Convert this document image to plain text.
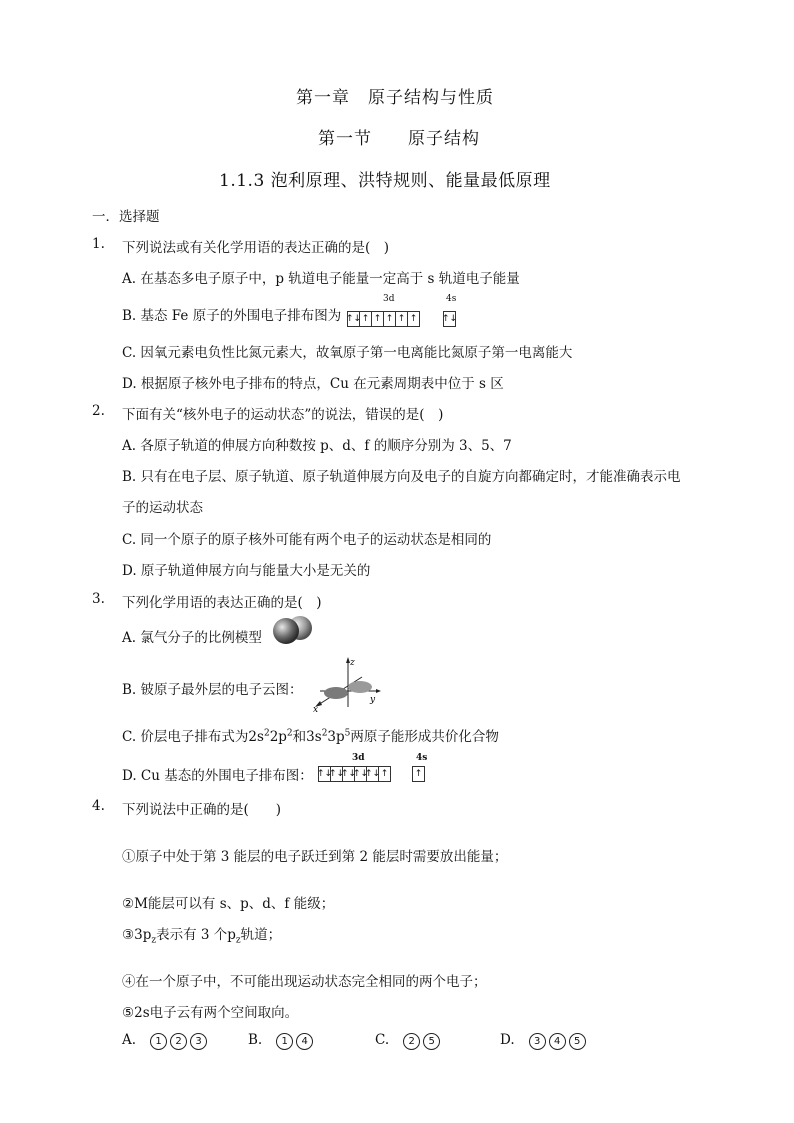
第一章　原子结构与性质
第一节　　原子结构
1.1.3 泡利原理、洪特规则、能量最低原理
一．选择题
1. 下列说法或有关化学用语的表达正确的是(　)
A. 在基态多电子原子中，p 轨道电子能量一定高于 s 轨道电子能量
B. 基态 Fe 原子的外围电子排布图为
3d
↑↓ ↑ ↑ ↑ ↑ ↑
4s
↑↓
C. 因氧元素电负性比氮元素大，故氧原子第一电离能比氮原子第一电离能大
D. 根据原子核外电子排布的特点，Cu 在元素周期表中位于 s 区
2. 下面有关“核外电子的运动状态”的说法，错误的是(　)
A. 各原子轨道的伸展方向种数按 p、d、f 的顺序分别为 3、5、7
B. 只有在电子层、原子轨道、原子轨道伸展方向及电子的自旋方向都确定时，才能准确表示电
子的运动状态
C. 同一个原子的原子核外可能有两个电子的运动状态是相同的
D. 原子轨道伸展方向与能量大小是无关的
3. 下列化学用语的表达正确的是(　)
A. 氯气分子的比例模型
B. 铍原子最外层的电子云图：
z
y
x
C. 价层电子排布式为$2s^22p^2$和$3s^23p^5$两原子能形成共价化合物
D. Cu 基态的外围电子排布图：
3d
↑↓
↑↓
↑↓
↑↓
↑↓ ↑
4s
↑
4. 下列说法中正确的是(　　)
①原子中处于第 3 能层的电子跃迁到第 2 能层时需要放出能量；
②M能层可以有 s、p、d、f 能级；
$③3p_z$表示有 3 个$p_z$轨道；
④在一个原子中，不可能出现运动状态完全相同的两个电子；
⑤2s电子云有两个空间取向。
A. 1 2 3	B. 1 4	C. 2 5	D. 3 4 5
